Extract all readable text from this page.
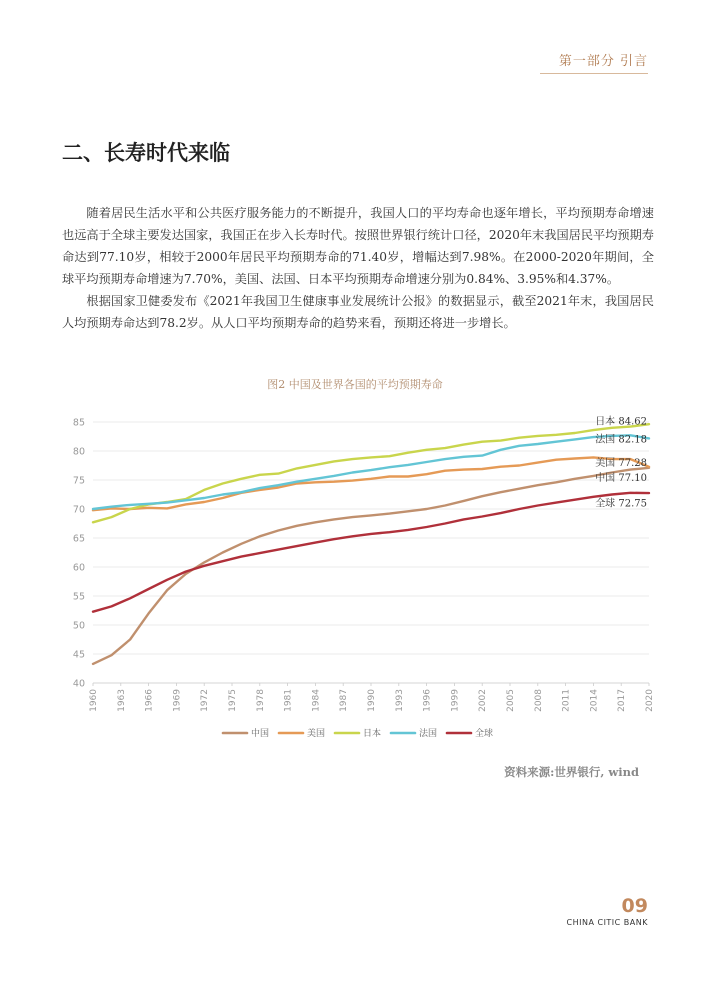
第一部分 引言
二、长寿时代来临

随着居民生活水平和公共医疗服务能力的不断提升，我国人口的平均寿命也逐年增长，平均预期寿命增速也远高于全球主要发达国家，我国正在步入长寿时代。按照世界银行统计口径，2020年末我国居民平均预期寿命达到77.10岁，相较于2000年居民平均预期寿命的71.40岁，增幅达到7.98%。在2000-2020年期间，全球平均预期寿命增速为7.70%，美国、法国、日本平均预期寿命增速分别为0.84%、3.95%和4.37%。

根据国家卫健委发布《2021年我国卫生健康事业发展统计公报》的数据显示，截至2021年末，我国居民人均预期寿命达到78.2岁。从人口平均预期寿命的趋势来看，预期还将进一步增长。

图2 中国及世界各国的平均预期寿命
40
45
50
55
60
65
70
75
80
85
1960 1963 1966 1969 1972 1975 1978 1981 1984 1987 1990 1993 1996 1999 2002 2005 2008 2011 2014 2017 2020
中国 77.10
美国 77.28
日本 84.62
法国 82.18
全球 72.75
中国	美国	日本	法国	全球
资料来源:世界银行, wind
09
CHINA CITIC BANK
